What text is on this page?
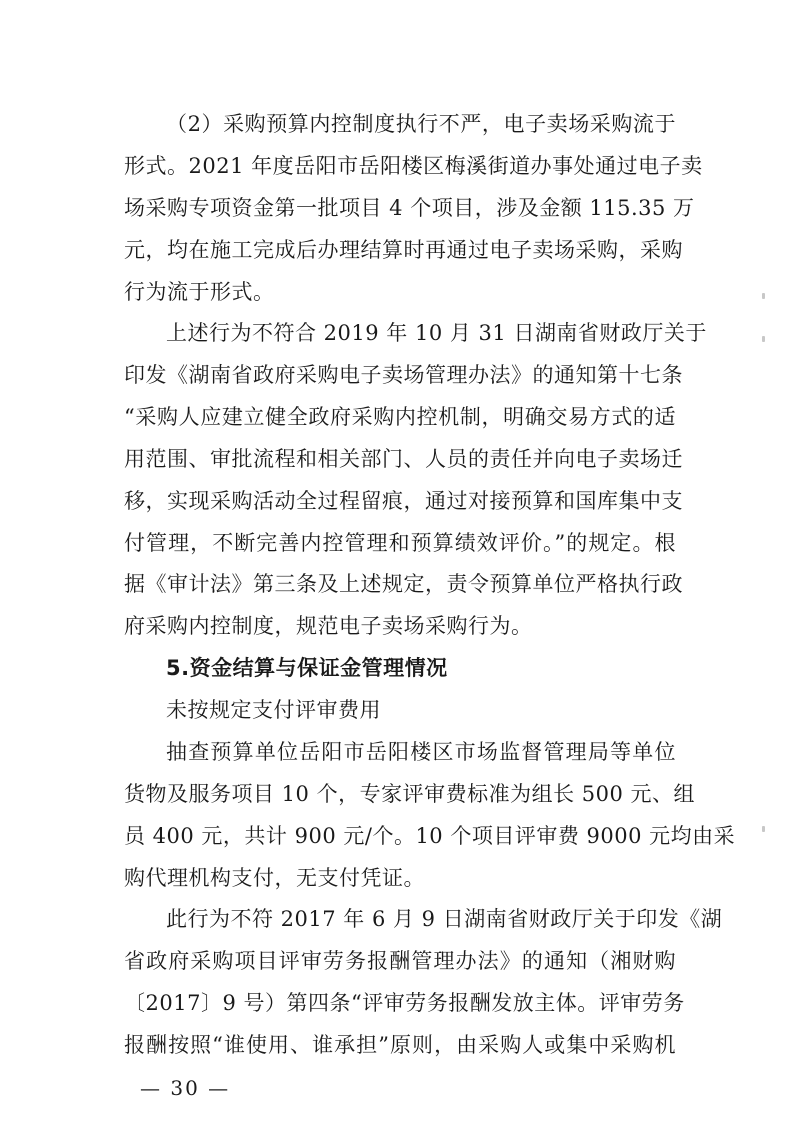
（2）采购预算内控制度执行不严，电子卖场采购流于
形式。2021 年度岳阳市岳阳楼区梅溪街道办事处通过电子卖
场采购专项资金第一批项目 4 个项目，涉及金额 115.35 万
元，均在施工完成后办理结算时再通过电子卖场采购，采购
行为流于形式。
上述行为不符合 2019 年 10 月 31 日湖南省财政厅关于
印发《湖南省政府采购电子卖场管理办法》的通知第十七条
“采购人应建立健全政府采购内控机制，明确交易方式的适
用范围、审批流程和相关部门、人员的责任并向电子卖场迁
移，实现采购活动全过程留痕，通过对接预算和国库集中支
付管理，不断完善内控管理和预算绩效评价。”的规定。根
据《审计法》第三条及上述规定，责令预算单位严格执行政
府采购内控制度，规范电子卖场采购行为。
5.资金结算与保证金管理情况
未按规定支付评审费用
抽查预算单位岳阳市岳阳楼区市场监督管理局等单位
货物及服务项目 10 个，专家评审费标准为组长 500 元、组
员 400 元，共计 900 元/个。10 个项目评审费 9000 元均由采
购代理机构支付，无支付凭证。
此行为不符 2017 年 6 月 9 日湖南省财政厅关于印发《湖
省政府采购项目评审劳务报酬管理办法》的通知（湘财购
〔2017〕9 号）第四条“评审劳务报酬发放主体。评审劳务
报酬按照“谁使用、谁承担”原则，由采购人或集中采购机
— 30 —
